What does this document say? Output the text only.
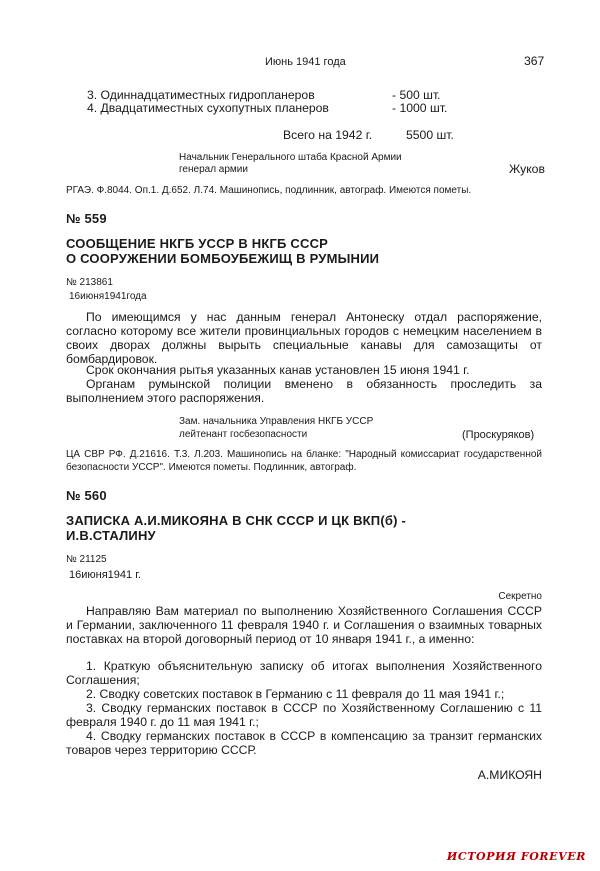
Июнь 1941 года	367
3. Одиннадцатиместных гидропланеров	- 500 шт.
4. Двадцатиместных сухопутных планеров	- 1000 шт.
Всего на 1942 г.	5500 шт.
Начальник Генерального штаба Красной Армии
генерал армии	Жуков
РГАЭ. Ф.8044. Оп.1. Д.652. Л.74. Машинопись, подлинник, автограф. Имеются пометы.
№ 559
СООБЩЕНИЕ НКГБ УССР В НКГБ СССР
О СООРУЖЕНИИ БОМБОУБЕЖИЩ В РУМЫНИИ
№ 213861
16июня1941года
По имеющимся у нас данным генерал Антонеску отдал распоряжение, согласно которому все жители провинциальных городов с немецким населением в своих дворах должны вырыть специальные канавы для самозащиты от бомбардировок.
Срок окончания рытья указанных канав установлен 15 июня 1941 г.
Органам румынской полиции вменено в обязанность проследить за выполнением этого распоряжения.
Зам. начальника Управления НКГБ УССР
лейтенант госбезопасности	(Проскуряков)
ЦА СВР РФ. Д.21616. Т.3. Л.203. Машинопись на бланке: "Народный комиссариат государственной безопасности УССР". Имеются пометы. Подлинник, автограф.
№ 560
ЗАПИСКА А.И.МИКОЯНА В СНК СССР И ЦК ВКП(б) -
И.В.СТАЛИНУ
№ 21125
16июня1941 г.
Секретно
Направляю Вам материал по выполнению Хозяйственного Соглашения СССР и Германии, заключенного 11 февраля 1940 г. и Соглашения о взаимных товарных поставках на второй договорный период от 10 января 1941 г., а именно:
1. Краткую объяснительную записку об итогах выполнения Хозяйственного Соглашения;
2. Сводку советских поставок в Германию с 11 февраля до 11 мая 1941 г.;
3. Сводку германских поставок в СССР по Хозяйственному Соглашению с 11 февраля 1940 г. до 11 мая 1941 г.;
4. Сводку германских поставок в СССР в компенсацию за транзит германских товаров через территорию СССР.
А.МИКОЯН
ИСТОРИЯ FOREVER
